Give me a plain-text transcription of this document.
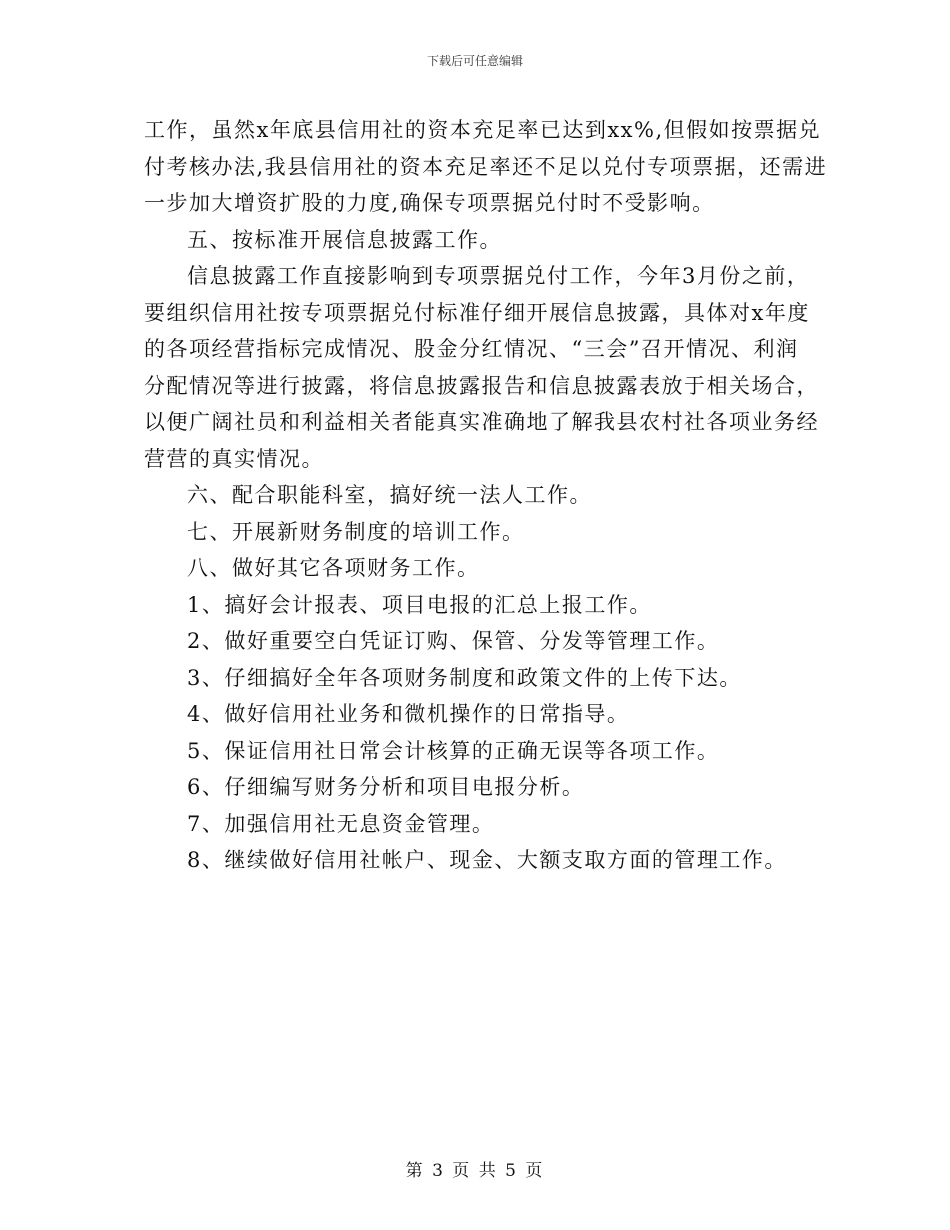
下载后可任意编辑

工作，虽然x年底县信用社的资本充足率已达到xx%,但假如按票据兑

付考核办法,我县信用社的资本充足率还不足以兑付专项票据，还需进

一步加大增资扩股的力度,确保专项票据兑付时不受影响。

五、按标准开展信息披露工作。

信息披露工作直接影响到专项票据兑付工作，今年3月份之前，

要组织信用社按专项票据兑付标准仔细开展信息披露，具体对x年度

的各项经营指标完成情况、股金分红情况、“三会”召开情况、利润

分配情况等进行披露，将信息披露报告和信息披露表放于相关场合，

以便广阔社员和利益相关者能真实准确地了解我县农村社各项业务经

营营的真实情况。

六、配合职能科室，搞好统一法人工作。

七、开展新财务制度的培训工作。

八、做好其它各项财务工作。

1、搞好会计报表、项目电报的汇总上报工作。

2、做好重要空白凭证订购、保管、分发等管理工作。

3、仔细搞好全年各项财务制度和政策文件的上传下达。

4、做好信用社业务和微机操作的日常指导。

5、保证信用社日常会计核算的正确无误等各项工作。

6、仔细编写财务分析和项目电报分析。

7、加强信用社无息资金管理。

8、继续做好信用社帐户、现金、大额支取方面的管理工作。

第 3 页 共 5 页
